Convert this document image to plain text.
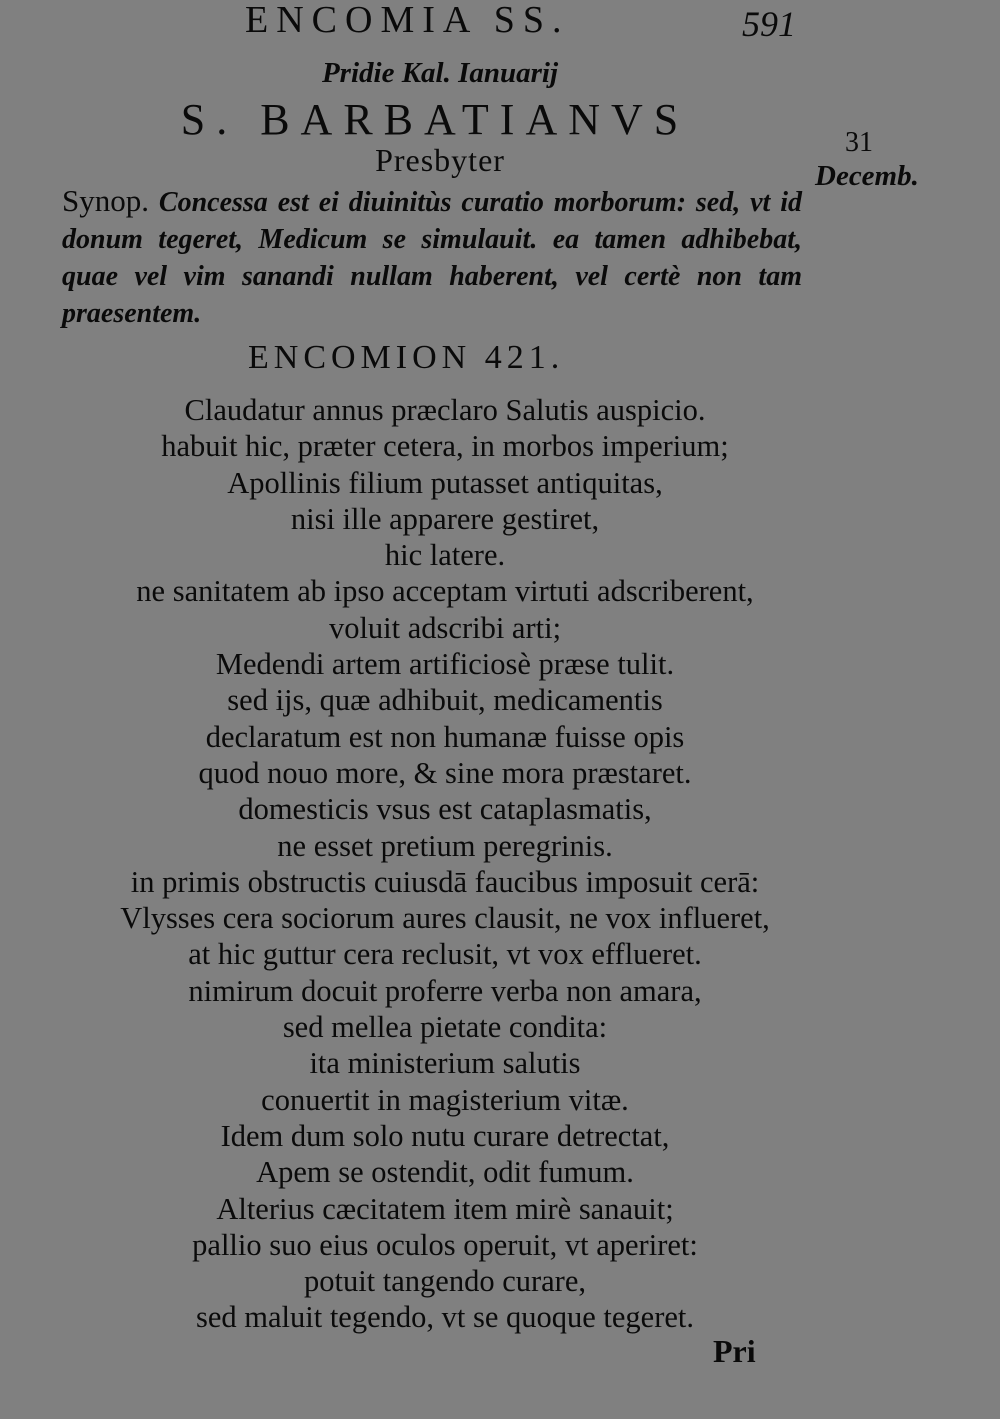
ENCOMIA SS.	591
Pridie Kal. Ianuarij
S. BARBATIANVS
Presbyter	31
Decemb.
Synop. Concessa est ei diuinitùs curatio morborum: sed, vt id donum tegeret, Medicum se simulauit. ea tamen adhibebat, quae vel vim sanandi nullam haberent, vel certè non tam praesentem.
ENCOMION 421.
Claudatur annus præclaro Salutis auspicio.
habuit hic, præter cetera, in morbos imperium;
Apollinis filium putasset antiquitas,
nisi ille apparere gestiret,
hic latere.
ne sanitatem ab ipso acceptam virtuti adscriberent,
voluit adscribi arti;
Medendi artem artificiosè præse tulit.
sed ijs, quæ adhibuit, medicamentis
declaratum est non humanæ fuisse opis
quod nouo more, & sine mora præstaret.
domesticis vsus est cataplasmatis,
ne esset pretium peregrinis.
in primis obstructis cuiusdā faucibus imposuit cerā:
Vlysses cera sociorum aures clausit, ne vox influeret,
at hic guttur cera reclusit, vt vox efflueret.
nimirum docuit proferre verba non amara,
sed mellea pietate condita:
ita ministerium salutis
conuertit in magisterium vitæ.
Idem dum solo nutu curare detrectat,
Apem se ostendit, odit fumum.
Alterius cæcitatem item mirè sanauit;
pallio suo eius oculos operuit, vt aperiret:
potuit tangendo curare,
sed maluit tegendo, vt se quoque tegeret.
Pri
